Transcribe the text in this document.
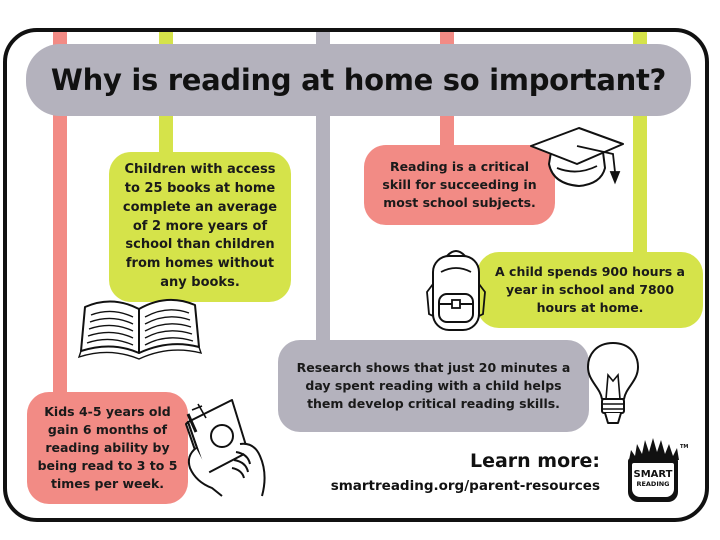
Why is reading at home so important?
Children with access to 25 books at home complete an average of 2 more years of school than children from homes without any books.
Reading is a critical skill for succeeding in most school subjects.
A child spends 900 hours a year in school and 7800 hours at home.
Research shows that just 20 minutes a day spent reading with a child helps them develop critical reading skills.
Kids 4-5 years old gain 6 months of reading ability by being read to 3 to 5 times per week.
Learn more:
smartreading.org/parent-resources
SMART
READING
TM
